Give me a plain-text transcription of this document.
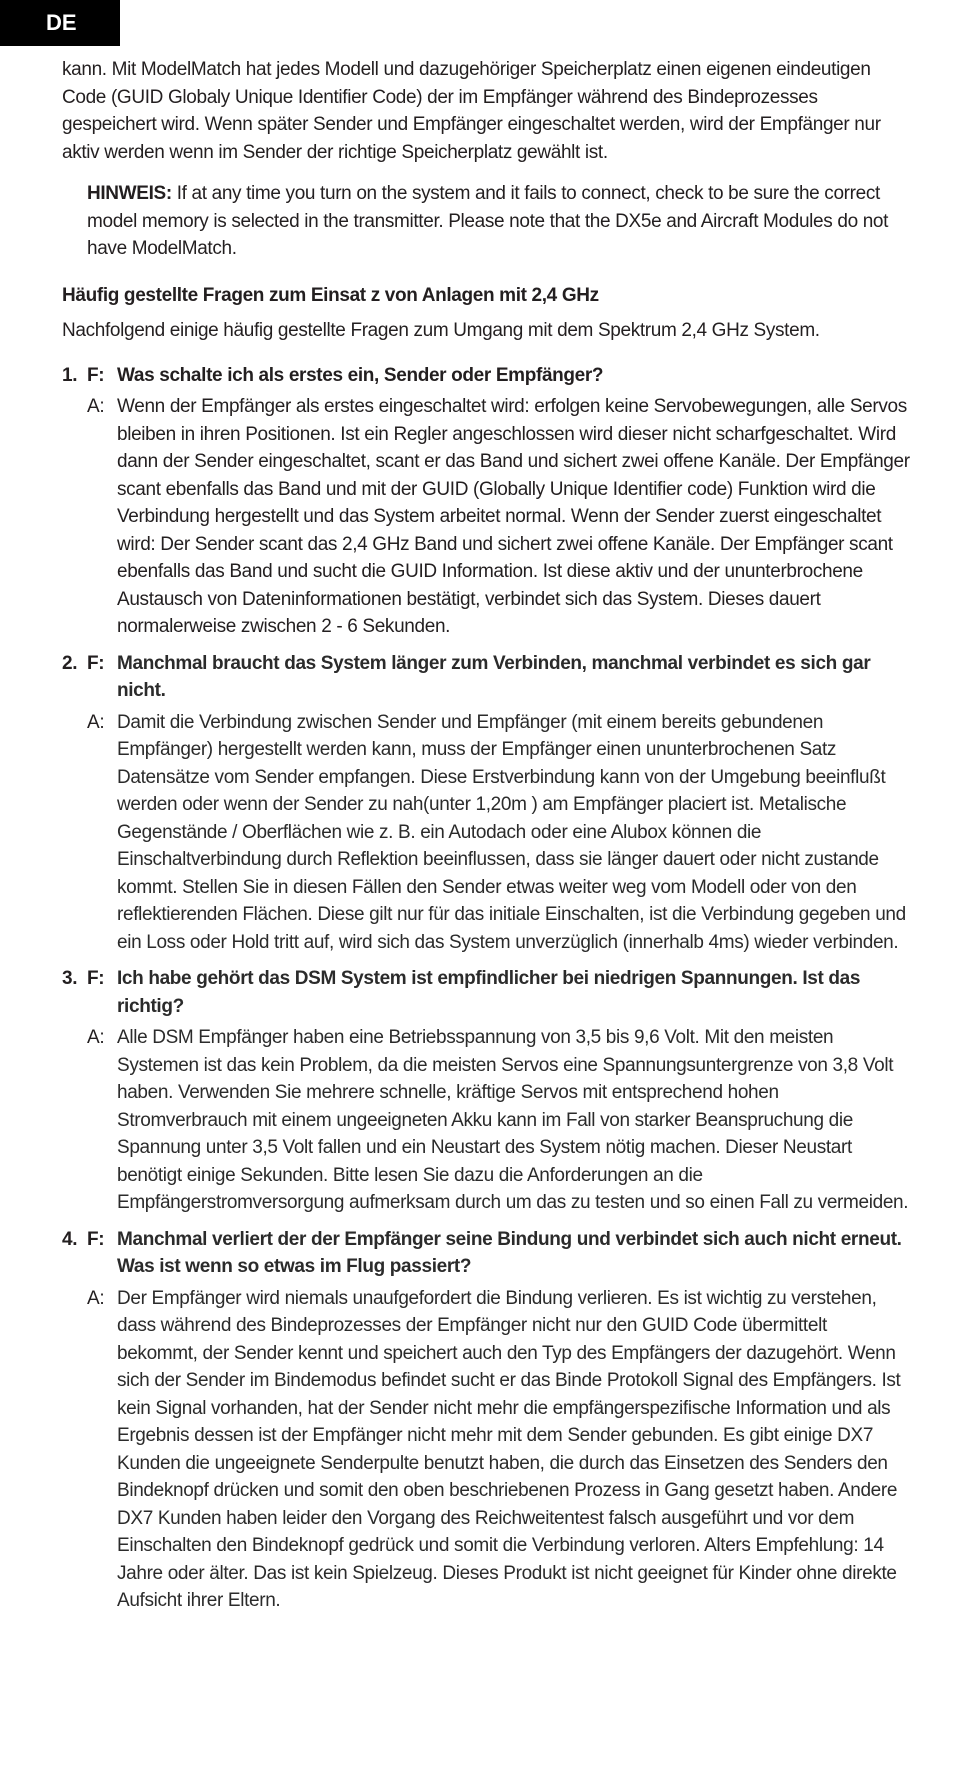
DE

kann. Mit ModelMatch hat jedes Modell und dazugehöriger Speicherplatz einen eigenen eindeutigen Code (GUID Globaly Unique Identifier Code) der im Empfänger während des Bindeprozesses gespeichert wird. Wenn später Sender und Empfänger eingeschaltet werden, wird der Empfänger nur aktiv werden wenn im Sender der richtige Speicherplatz gewählt ist.

HINWEIS: If at any time you turn on the system and it fails to connect, check to be sure the correct model memory is selected in the transmitter. Please note that the DX5e and Aircraft Modules do not have ModelMatch.

Häufig gestellte Fragen zum Einsat z von Anlagen mit 2,4 GHz

Nachfolgend einige häufig gestellte Fragen zum Umgang mit dem Spektrum 2,4 GHz System.

1. F: Was schalte ich als erstes ein, Sender oder Empfänger?
A: Wenn der Empfänger als erstes eingeschaltet wird: erfolgen keine Servobewegungen, alle Servos bleiben in ihren Positionen. Ist ein Regler angeschlossen wird dieser nicht scharfgeschaltet. Wird dann der Sender eingeschaltet, scant er das Band und sichert zwei offene Kanäle. Der Empfänger scant ebenfalls das Band und mit der GUID (Globally Unique Identifier code) Funktion wird die Verbindung hergestellt und das System arbeitet normal. Wenn der Sender zuerst eingeschaltet wird: Der Sender scant das 2,4 GHz Band und sichert zwei offene Kanäle. Der Empfänger scant ebenfalls das Band und sucht die GUID Information. Ist diese aktiv und der ununterbrochene Austausch von Dateninformationen bestätigt, verbindet sich das System. Dieses dauert normalerweise zwischen 2 - 6 Sekunden.
2. F: Manchmal braucht das System länger zum Verbinden, manchmal verbindet es sich gar nicht.
A: Damit die Verbindung zwischen Sender und Empfänger (mit einem bereits gebundenen Empfänger) hergestellt werden kann, muss der Empfänger einen ununterbrochenen Satz Datensätze vom Sender empfangen. Diese Erstverbindung kann von der Umgebung beeinflußt werden oder wenn der Sender zu nah(unter 1,20m ) am Empfänger placiert ist. Metalische Gegenstände / Oberflächen wie z. B. ein Autodach oder eine Alubox können die Einschaltverbindung durch Reflektion beeinflussen, dass sie länger dauert oder nicht zustande kommt. Stellen Sie in diesen Fällen den Sender etwas weiter weg vom Modell oder von den reflektierenden Flächen. Diese gilt nur für das initiale Einschalten, ist die Verbindung gegeben und ein Loss oder Hold tritt auf, wird sich das System unverzüglich (innerhalb 4ms) wieder verbinden.
3. F: Ich habe gehört das DSM System ist empfindlicher bei niedrigen Spannungen. Ist das richtig?
A: Alle DSM Empfänger haben eine Betriebsspannung von 3,5 bis 9,6 Volt. Mit den meisten Systemen ist das kein Problem, da die meisten Servos eine Spannungsuntergrenze von 3,8 Volt haben. Verwenden Sie mehrere schnelle, kräftige Servos mit entsprechend hohen Stromverbrauch mit einem ungeeigneten Akku kann im Fall von starker Beanspruchung die Spannung unter 3,5 Volt fallen und ein Neustart des System nötig machen. Dieser Neustart benötigt einige Sekunden. Bitte lesen Sie dazu die Anforderungen an die Empfängerstromversorgung aufmerksam durch um das zu testen und so einen Fall zu vermeiden.
4. F: Manchmal verliert der der Empfänger seine Bindung und verbindet sich auch nicht erneut. Was ist wenn so etwas im Flug passiert?
A: Der Empfänger wird niemals unaufgefordert die Bindung verlieren. Es ist wichtig zu verstehen, dass während des Bindeprozesses der Empfänger nicht nur den GUID Code übermittelt bekommt, der Sender kennt und speichert auch den Typ des Empfängers der dazugehört. Wenn sich der Sender im Bindemodus befindet sucht er das Binde Protokoll Signal des Empfängers. Ist kein Signal vorhanden, hat der Sender nicht mehr die empfängerspezifische Information und als Ergebnis dessen ist der Empfänger nicht mehr mit dem Sender gebunden. Es gibt einige DX7 Kunden die ungeeignete Senderpulte benutzt haben, die durch das Einsetzen des Senders den Bindeknopf drücken und somit den oben beschriebenen Prozess in Gang gesetzt haben. Andere DX7 Kunden haben leider den Vorgang des Reichweitentest falsch ausgeführt und vor dem Einschalten den Bindeknopf gedrück und somit die Verbindung verloren. Alters Empfehlung: 14 Jahre oder älter. Das ist kein Spielzeug. Dieses Produkt ist nicht geeignet für Kinder ohne direkte Aufsicht ihrer Eltern.
